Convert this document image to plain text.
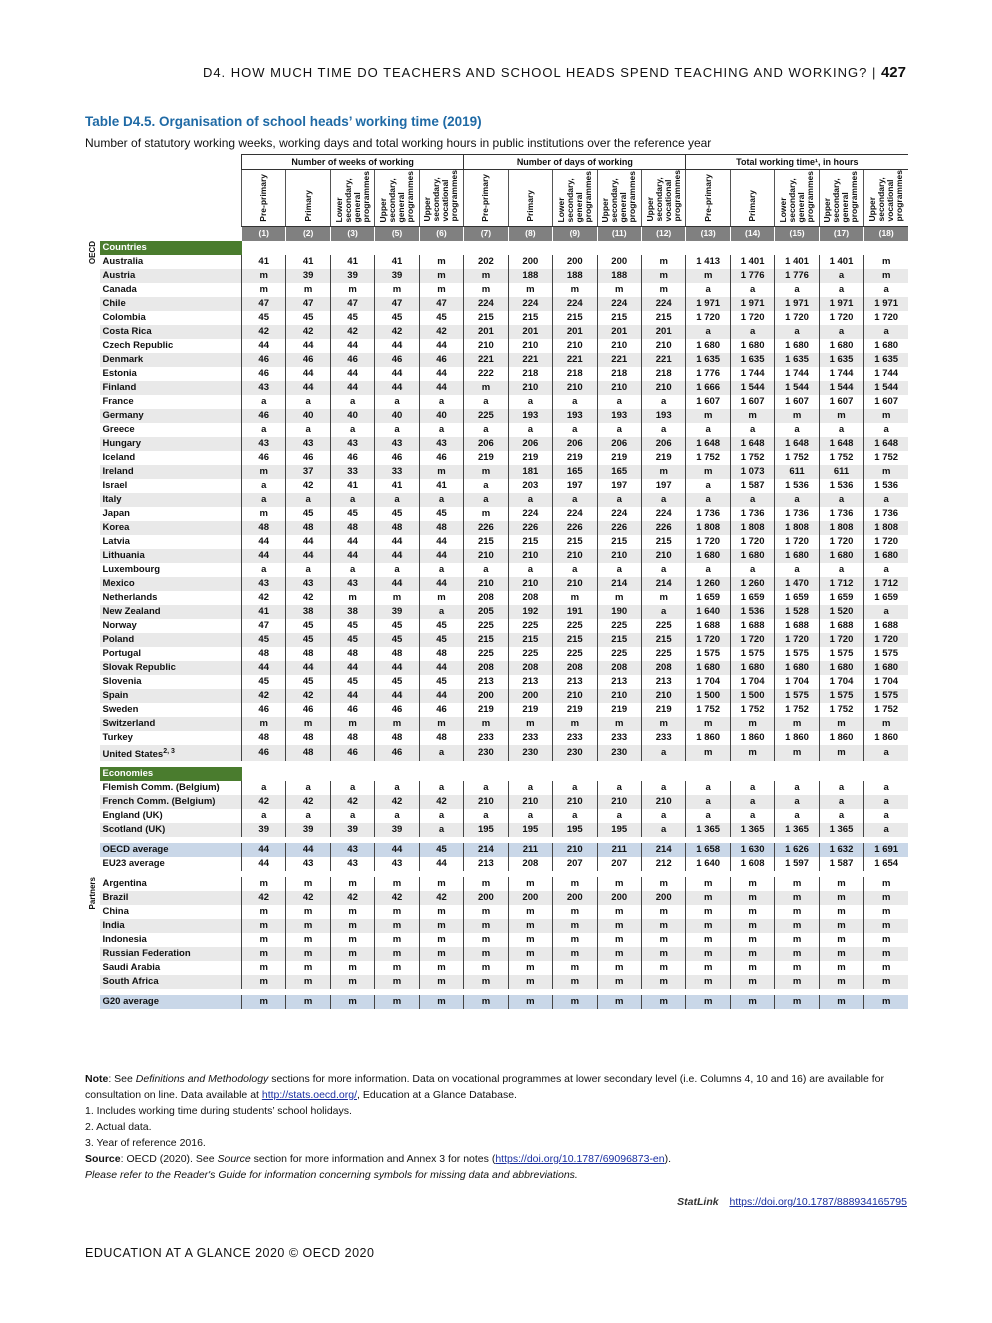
D4. HOW MUCH TIME DO TEACHERS AND SCHOOL HEADS SPEND TEACHING AND WORKING? | 427
Table D4.5. Organisation of school heads’ working time (2019)
Number of statutory working weeks, working days and total working hours in public institutions over the reference year
		Number of weeks of working					Number of days of working					Total working time¹, in hours				
		Pre-primary	Primary	Lower secondary, general programmes	Upper secondary, general programmes	Upper secondary, vocational programmes	Pre-primary	Primary	Lower secondary, general programmes	Upper secondary, general programmes	Upper secondary, vocational programmes	Pre-primary	Primary	Lower secondary, general programmes	Upper secondary, general programmes	Upper secondary, vocational programmes
		(1)	(2)	(3)	(5)	(6)	(7)	(8)	(9)	(11)	(12)	(13)	(14)	(15)	(17)	(18)
OECD	Countries															
	Australia	41	41	41	41	m	202	200	200	200	m	1 413	1 401	1 401	1 401	m
	Austria	m	39	39	39	m	m	188	188	188	m	m	1 776	1 776	a	m
	Canada	m	m	m	m	m	m	m	m	m	m	a	a	a	a	a
	Chile	47	47	47	47	47	224	224	224	224	224	1 971	1 971	1 971	1 971	1 971
	Colombia	45	45	45	45	45	215	215	215	215	215	1 720	1 720	1 720	1 720	1 720
	Costa Rica	42	42	42	42	42	201	201	201	201	201	a	a	a	a	a
	Czech Republic	44	44	44	44	44	210	210	210	210	210	1 680	1 680	1 680	1 680	1 680
	Denmark	46	46	46	46	46	221	221	221	221	221	1 635	1 635	1 635	1 635	1 635
	Estonia	46	44	44	44	44	222	218	218	218	218	1 776	1 744	1 744	1 744	1 744
	Finland	43	44	44	44	44	m	210	210	210	210	1 666	1 544	1 544	1 544	1 544
	France	a	a	a	a	a	a	a	a	a	a	1 607	1 607	1 607	1 607	1 607
	Germany	46	40	40	40	40	225	193	193	193	193	m	m	m	m	m
	Greece	a	a	a	a	a	a	a	a	a	a	a	a	a	a	a
	Hungary	43	43	43	43	43	206	206	206	206	206	1 648	1 648	1 648	1 648	1 648
	Iceland	46	46	46	46	46	219	219	219	219	219	1 752	1 752	1 752	1 752	1 752
	Ireland	m	37	33	33	m	m	181	165	165	m	m	1 073	611	611	m
	Israel	a	42	41	41	41	a	203	197	197	197	a	1 587	1 536	1 536	1 536
	Italy	a	a	a	a	a	a	a	a	a	a	a	a	a	a	a
	Japan	m	45	45	45	45	m	224	224	224	224	1 736	1 736	1 736	1 736	1 736
	Korea	48	48	48	48	48	226	226	226	226	226	1 808	1 808	1 808	1 808	1 808
	Latvia	44	44	44	44	44	215	215	215	215	215	1 720	1 720	1 720	1 720	1 720
	Lithuania	44	44	44	44	44	210	210	210	210	210	1 680	1 680	1 680	1 680	1 680
	Luxembourg	a	a	a	a	a	a	a	a	a	a	a	a	a	a	a
	Mexico	43	43	43	44	44	210	210	210	214	214	1 260	1 260	1 470	1 712	1 712
	Netherlands	42	42	m	m	m	208	208	m	m	m	1 659	1 659	1 659	1 659	1 659
	New Zealand	41	38	38	39	a	205	192	191	190	a	1 640	1 536	1 528	1 520	a
	Norway	47	45	45	45	45	225	225	225	225	225	1 688	1 688	1 688	1 688	1 688
	Poland	45	45	45	45	45	215	215	215	215	215	1 720	1 720	1 720	1 720	1 720
	Portugal	48	48	48	48	48	225	225	225	225	225	1 575	1 575	1 575	1 575	1 575
	Slovak Republic	44	44	44	44	44	208	208	208	208	208	1 680	1 680	1 680	1 680	1 680
	Slovenia	45	45	45	45	45	213	213	213	213	213	1 704	1 704	1 704	1 704	1 704
	Spain	42	42	44	44	44	200	200	210	210	210	1 500	1 500	1 575	1 575	1 575
	Sweden	46	46	46	46	46	219	219	219	219	219	1 752	1 752	1 752	1 752	1 752
	Switzerland	m	m	m	m	m	m	m	m	m	m	m	m	m	m	m
	Turkey	48	48	48	48	48	233	233	233	233	233	1 860	1 860	1 860	1 860	1 860
	United States$^{2, 3}$	46	48	46	46	a	230	230	230	230	a	m	m	m	m	a

	Economies															
	Flemish Comm. (Belgium)	a	a	a	a	a	a	a	a	a	a	a	a	a	a	a
	French Comm. (Belgium)	42	42	42	42	42	210	210	210	210	210	a	a	a	a	a
	England (UK)	a	a	a	a	a	a	a	a	a	a	a	a	a	a	a
	Scotland (UK)	39	39	39	39	a	195	195	195	195	a	1 365	1 365	1 365	1 365	a

	OECD average	44	44	43	44	45	214	211	210	211	214	1 658	1 630	1 626	1 632	1 691
	EU23 average	44	43	43	43	44	213	208	207	207	212	1 640	1 608	1 597	1 587	1 654

Partners	Argentina	m	m	m	m	m	m	m	m	m	m	m	m	m	m	m
	Brazil	42	42	42	42	42	200	200	200	200	200	m	m	m	m	m
	China	m	m	m	m	m	m	m	m	m	m	m	m	m	m	m
	India	m	m	m	m	m	m	m	m	m	m	m	m	m	m	m
	Indonesia	m	m	m	m	m	m	m	m	m	m	m	m	m	m	m
	Russian Federation	m	m	m	m	m	m	m	m	m	m	m	m	m	m	m
	Saudi Arabia	m	m	m	m	m	m	m	m	m	m	m	m	m	m	m
	South Africa	m	m	m	m	m	m	m	m	m	m	m	m	m	m	m

	G20 average	m	m	m	m	m	m	m	m	m	m	m	m	m	m	m

Note: See Definitions and Methodology sections for more information. Data on vocational programmes at lower secondary level (i.e. Columns 4, 10 and 16) are available for consultation on line. Data available at http://stats.oecd.org/, Education at a Glance Database.

1. Includes working time during students’ school holidays.

2. Actual data.

3. Year of reference 2016.

Source: OECD (2020). See Source section for more information and Annex 3 for notes (https://doi.org/10.1787/69096873-en).

Please refer to the Reader's Guide for information concerning symbols for missing data and abbreviations.

StatLink https://doi.org/10.1787/888934165795
EDUCATION AT A GLANCE 2020 © OECD 2020
